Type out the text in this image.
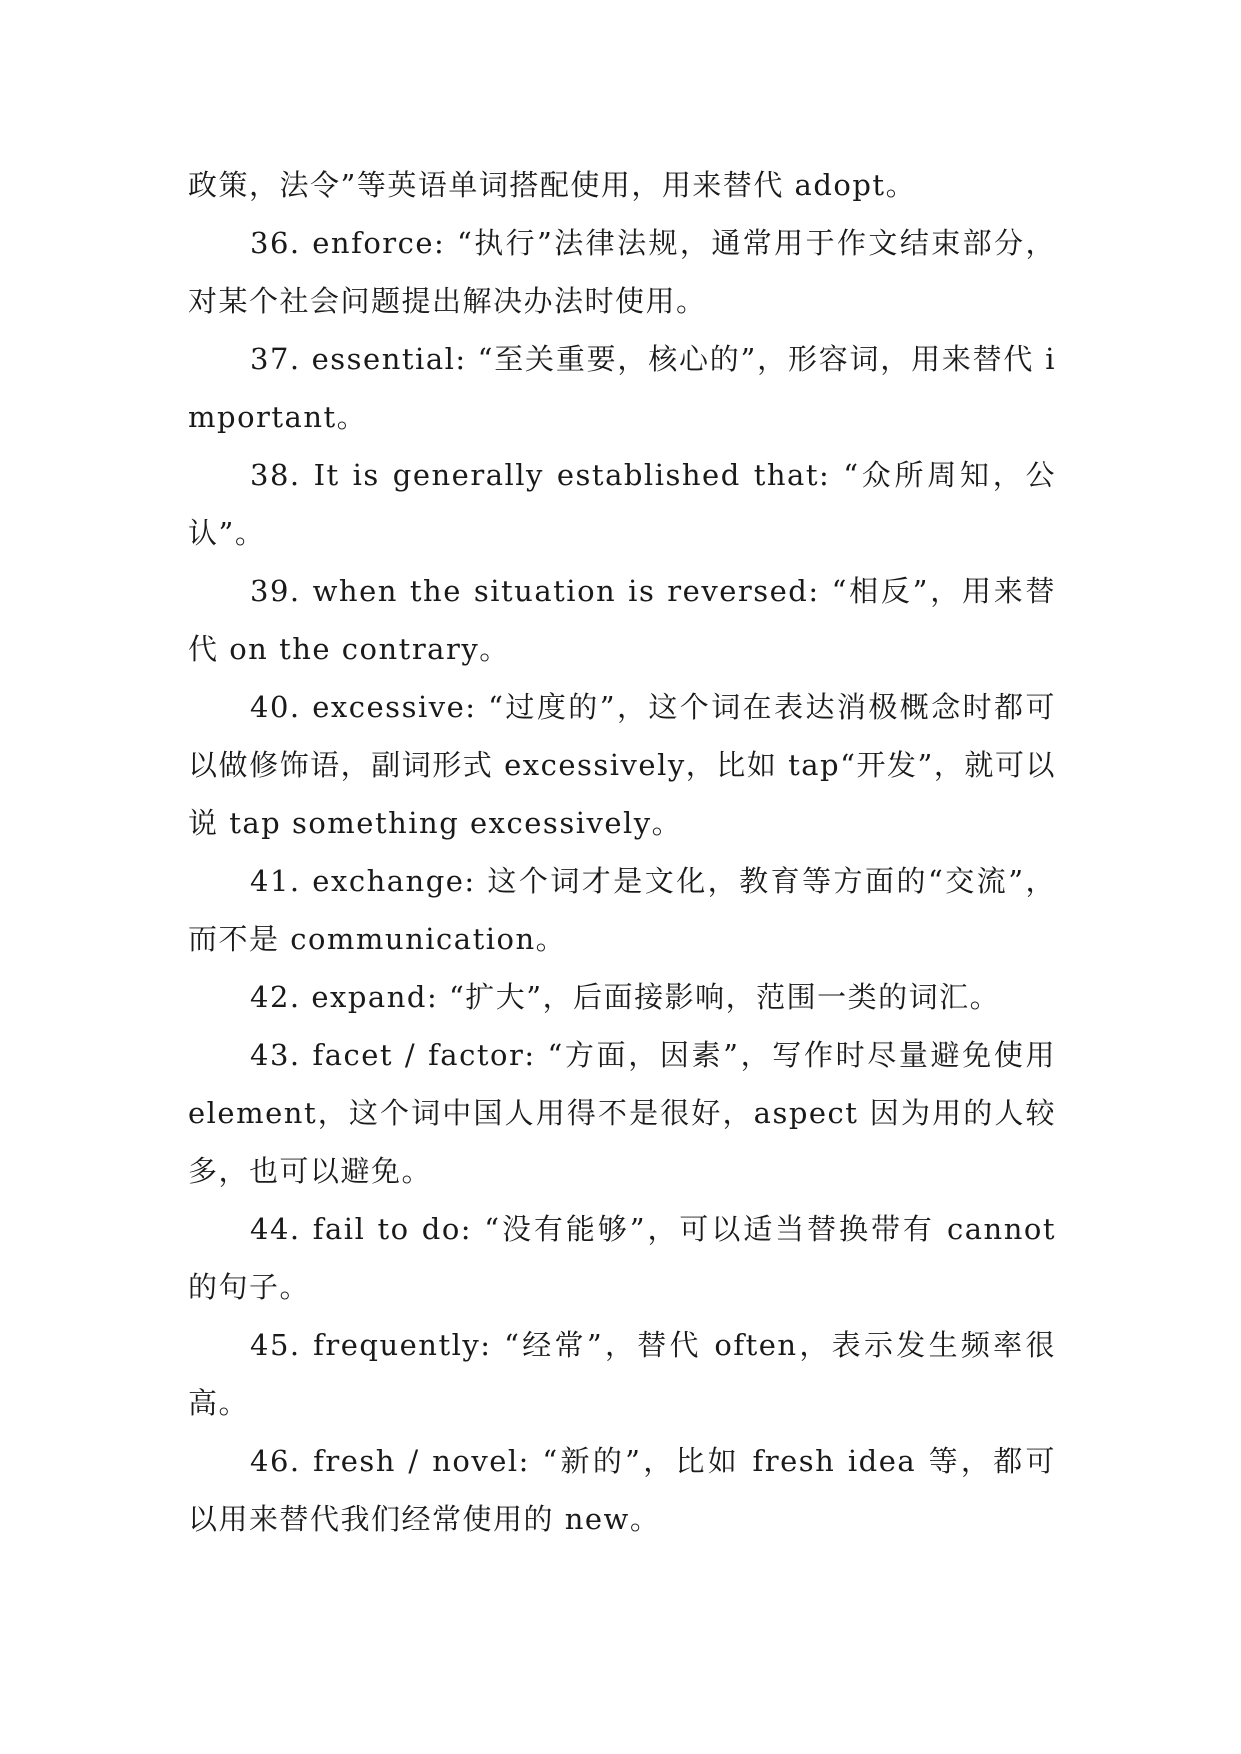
政策，法令”等英语单词搭配使用，用来替代 adopt。

36. enforce: “执行”法律法规，通常用于作文结束部分，对某个社会问题提出解决办法时使用。

37. essential: “至关重要，核心的”，形容词，用来替代 important。

38. It is generally established that: “众所周知，公认”。

39. when the situation is reversed: “相反”，用来替代 on the contrary。

40. excessive: “过度的”，这个词在表达消极概念时都可以做修饰语，副词形式 excessively，比如 tap“开发”，就可以说 tap something excessively。

41. exchange: 这个词才是文化，教育等方面的“交流”，而不是 communication。

42. expand: “扩大”，后面接影响，范围一类的词汇。

43. facet / factor: “方面，因素”，写作时尽量避免使用 element，这个词中国人用得不是很好，aspect 因为用的人较多，也可以避免。

44. fail to do: “没有能够”，可以适当替换带有 cannot 的句子。

45. frequently: “经常”，替代 often，表示发生频率很高。

46. fresh / novel: “新的”，比如 fresh idea 等，都可以用来替代我们经常使用的 new。
